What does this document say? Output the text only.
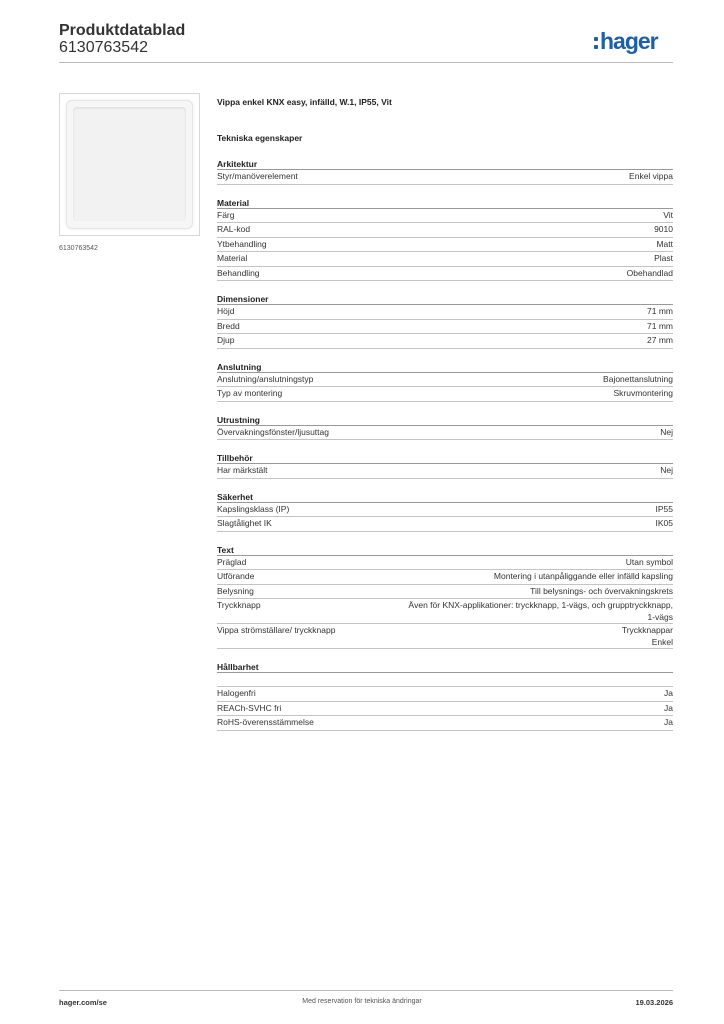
Produktdatablad
6130763542	hager
6130763542
Vippa enkel KNX easy, infälld, W.1, IP55, Vit
Tekniska egenskaper
Arkitektur
Styr/manöverelement	Enkel vippa
Material
Färg	Vit
RAL-kod	9010
Ytbehandling	Matt
Material	Plast
Behandling	Obehandlad
Dimensioner
Höjd	71 mm
Bredd	71 mm
Djup	27 mm
Anslutning
Anslutning/anslutningstyp	Bajonettanslutning
Typ av montering	Skruvmontering
Utrustning
Övervakningsfönster/ljusuttag	Nej
Tillbehör
Har märkstält	Nej
Säkerhet
Kapslingsklass (IP)	IP55
Slagtålighet IK	IK05
Text
Präglad	Utan symbol
Utförande	Montering i utanpåliggande eller infälld kapsling
Belysning	Till belysnings- och övervakningskrets
Tryckknapp	Även för KNX-applikationer: tryckknapp, 1-vägs, och grupptryckknapp,
1-vägs
Vippa strömställare/ tryckknapp	Tryckknappar
Enkel
Hållbarhet
Halogenfri	Ja
REACh-SVHC fri	Ja
RoHS-överensstämmelse	Ja
hager.com/se	Med reservation för tekniska ändringar	19.03.2026
